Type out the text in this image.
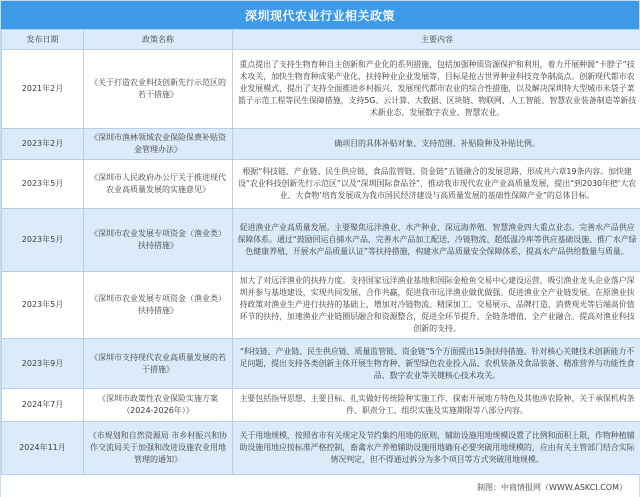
深圳现代农业行业相关政策
发布日期	政策名称	主要内容
2021年2月	《关于打造农业科技创新先行示范区的若干措施》	重点提出了支持生物育种自主创新和产业化的系列措施，包括加强种质资源保护和利用，着力开展种源“卡脖子”技术攻关，加快生物育种成果产业化，扶持种业企业发展等，目标是抢占世界种业科技竞争制高点。创新现代都市农业发展模式，提出了支持全面推进乡村振兴、发展现代都市农业的综合性措施，以及解决深圳特大型城市米袋子菜篮子示范工程等民生保障措施，支持5G、云计算、大数据、区块链、物联网、人工智能、智慧农业装备制造等新技术新业态，发展数字农业、智慧农业。
2023年2月	《深圳市渔林领域农业保险保费补贴资金管理办法》	确项目的具体补贴对象、支持范围、补贴险种及补贴比例。
2023年5月	《深圳市人民政府办公厅关于推进现代农业高质量发展的实施意见》	根据“科技链、产业链、民生供应链、食品监管链、资金链”五链融合的发展思路，形成共六章19条内容。加快建设“农业科技创新先行示范区”以及“深圳国际食品谷”，推动我市现代农业产业高质量发展，提出“到2030年把‘大农业、大食物’培育发展成为我市国民经济建设与高质量发展的基础性保障产业”的总体目标。
2023年5月	《深圳市农业发展专项资金（渔业类）扶持措施》	促进渔业产业高质量发展。主要聚焦远洋渔业、水产种业、深远海养殖、智慧渔业四大重点业态。完善水产品供应保障体系。通过“鼓励回运自捕水产品，完善水产品加工配送、冷链物流、超低温冷库等供应基础设施、推广水产绿色健康养殖、开展水产品质量认证”等扶持措施，构建水产品质量安全保障体系，提高水产品供给数量与质量。
2023年5月	《深圳市农业发展专项资金（渔业类）扶持措施》	加大了对远洋渔业的扶持力度。支持国家远洋渔业基地和国际金枪鱼交易中心建设运营，吸引渔业龙头企业落户深圳并参与基地建设，实现共同发展、合作共赢，促进我市远洋渔业做优做强。促进渔业全产业链发展。在原渔业扶持政策对渔业生产进行扶持的基础上，增加对冷链物流、精深加工、交易展示、品牌打造、消费观光等后端高价值环节的扶持，加速渔业产业链圈层融合和资源整合，促进全环节提升、全链条增值、全产业融合。提高对渔业科技创新的支持。
2023年9月	《深圳市支持现代农业高质量发展的若干措施》	“科技链、产业链、民生供应链、质量监管链、资金链”5个方面提出15条扶持措施。针对核心关键技术创新能力不足问题，提出支持各类创新主体开展生物育种、新型绿色农业投入品、农机装备及食品装备、精准营养与功能性食品、数字农业等关键核心技术攻关。
2024年7月	《深圳市政策性农业保险实施方案（2024-2026年）》	主要包括指导思想、主要目标、扎实做好传统险种实施工作、探索开展地方特色及其他涉农险种、关于承保机构条件、职责分工、组织实施及实施期限等八部分内容。
2024年11月	《市规划和自然资源局 市乡村振兴和协作交流局关于加强和改进设施农业用地管理的通知》	关于用地规模，按照省市有关规定及节约集约用地的原则，辅助设施用地规模设置了比例和面积上限，作物种植辅助设施用地应按标准严格控制，畜禽水产养殖辅助设施用地确有必要突破用地规模的，应由有关主管部门结合实际情况判定，但不得通过拆分为多个项目等方式突破用地规模。
制图：中商情报网（WWW.ASKCI.COM）
